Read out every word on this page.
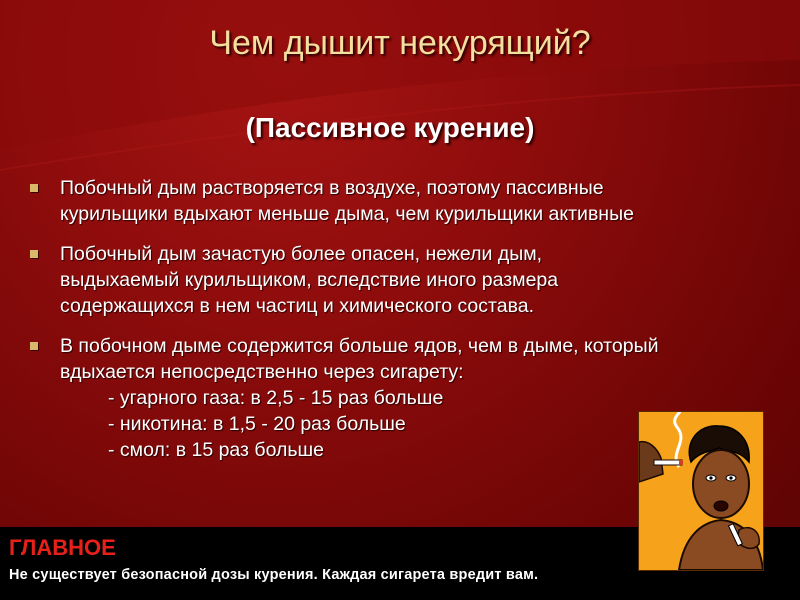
Чем дышит некурящий?
(Пассивное курение)
Побочный дым растворяется в воздухе, поэтому пассивные
курильщики вдыхают меньше дыма, чем курильщики активные
Побочный дым зачастую более опасен, нежели дым,
выдыхаемый курильщиком, вследствие иного размера
содержащихся в нем частиц и химического состава.
В побочном дыме содержится больше ядов, чем в дыме, который
вдыхается непосредственно через сигарету:
- угарного газа: в 2,5 - 15 раз больше
- никотина: в 1,5 - 20 раз больше
- смол: в 15 раз больше
ГЛАВНОЕ
Не существует безопасной дозы курения. Каждая сигарета вредит вам.
